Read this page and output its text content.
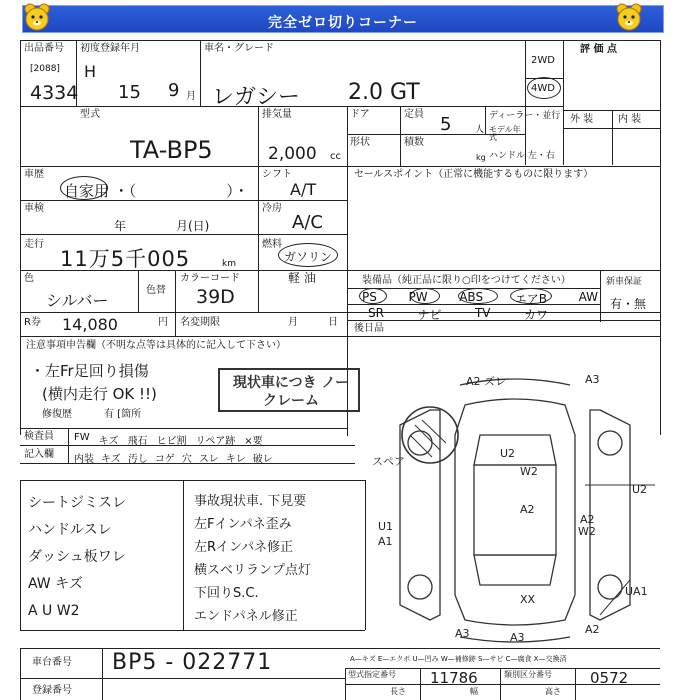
完全ゼロ切りコーナー
出品番号
[2088]
4334
初度登録年月
H
15 9 月
車名・グレード
レガシー 2.0 GT
2WD
4WD
評 価 点
型式
TA-BP5
排気量
2,000 cc
ドア	定員 5	人
ディーラー・並行
モデル年式
形状	積数
kg ハンドル 左・右
外 装 内 装
車歴
自家用 ・（　　　　　　）・
シフト
A/T
車検
年	月(日)
冷房
A/C
走行
11万5千005	km
燃料
ガソリン
軽 油
色
シルバー
色替
カラーコード
39D
R券 14,080	円 名変期限	月	日
セールスポイント（正常に機能するものに限ります）
装備品（純正品に限り○印をつけてください）
PS	PW	ABS	エアB	AW
SR	ナビ	TV	カワ
新車保証
有・無
後日品
注意事項申告欄（不明な点等は具体的に記入して下さい）
・左Fr足回り損傷
(横内走行 OK !!)
修復歴	有 [箇所
現状車につき ノークレーム
検査員
記入欄
FW キズ 飛石 ヒビ割 リペア跡 ×要
内装 キズ 汚し コゲ 穴 スレ キレ 破レ
シートジミスレ
ハンドルスレ
ダッシュ板ワレ
AW キズ
A U W2
事故現状車. 下見要
左Fインパネ歪み
左Rインパネ修正
横スベリランプ点灯
下回りS.C.
エンドパネル修正
A2 ズレ	A3
スペア
A2
W2
U2
U1
A1
U2
W2
A2
XX
UA1
A3	A3
A2
車台番号 BP5 - 022771
登録番号
A—キズ E—エクボ U—凹み W—補修跡 S—サビ C—腐食 X—交換済
型式指定番号 11786	類別区分番号	0572
長さ	幅	高さ
